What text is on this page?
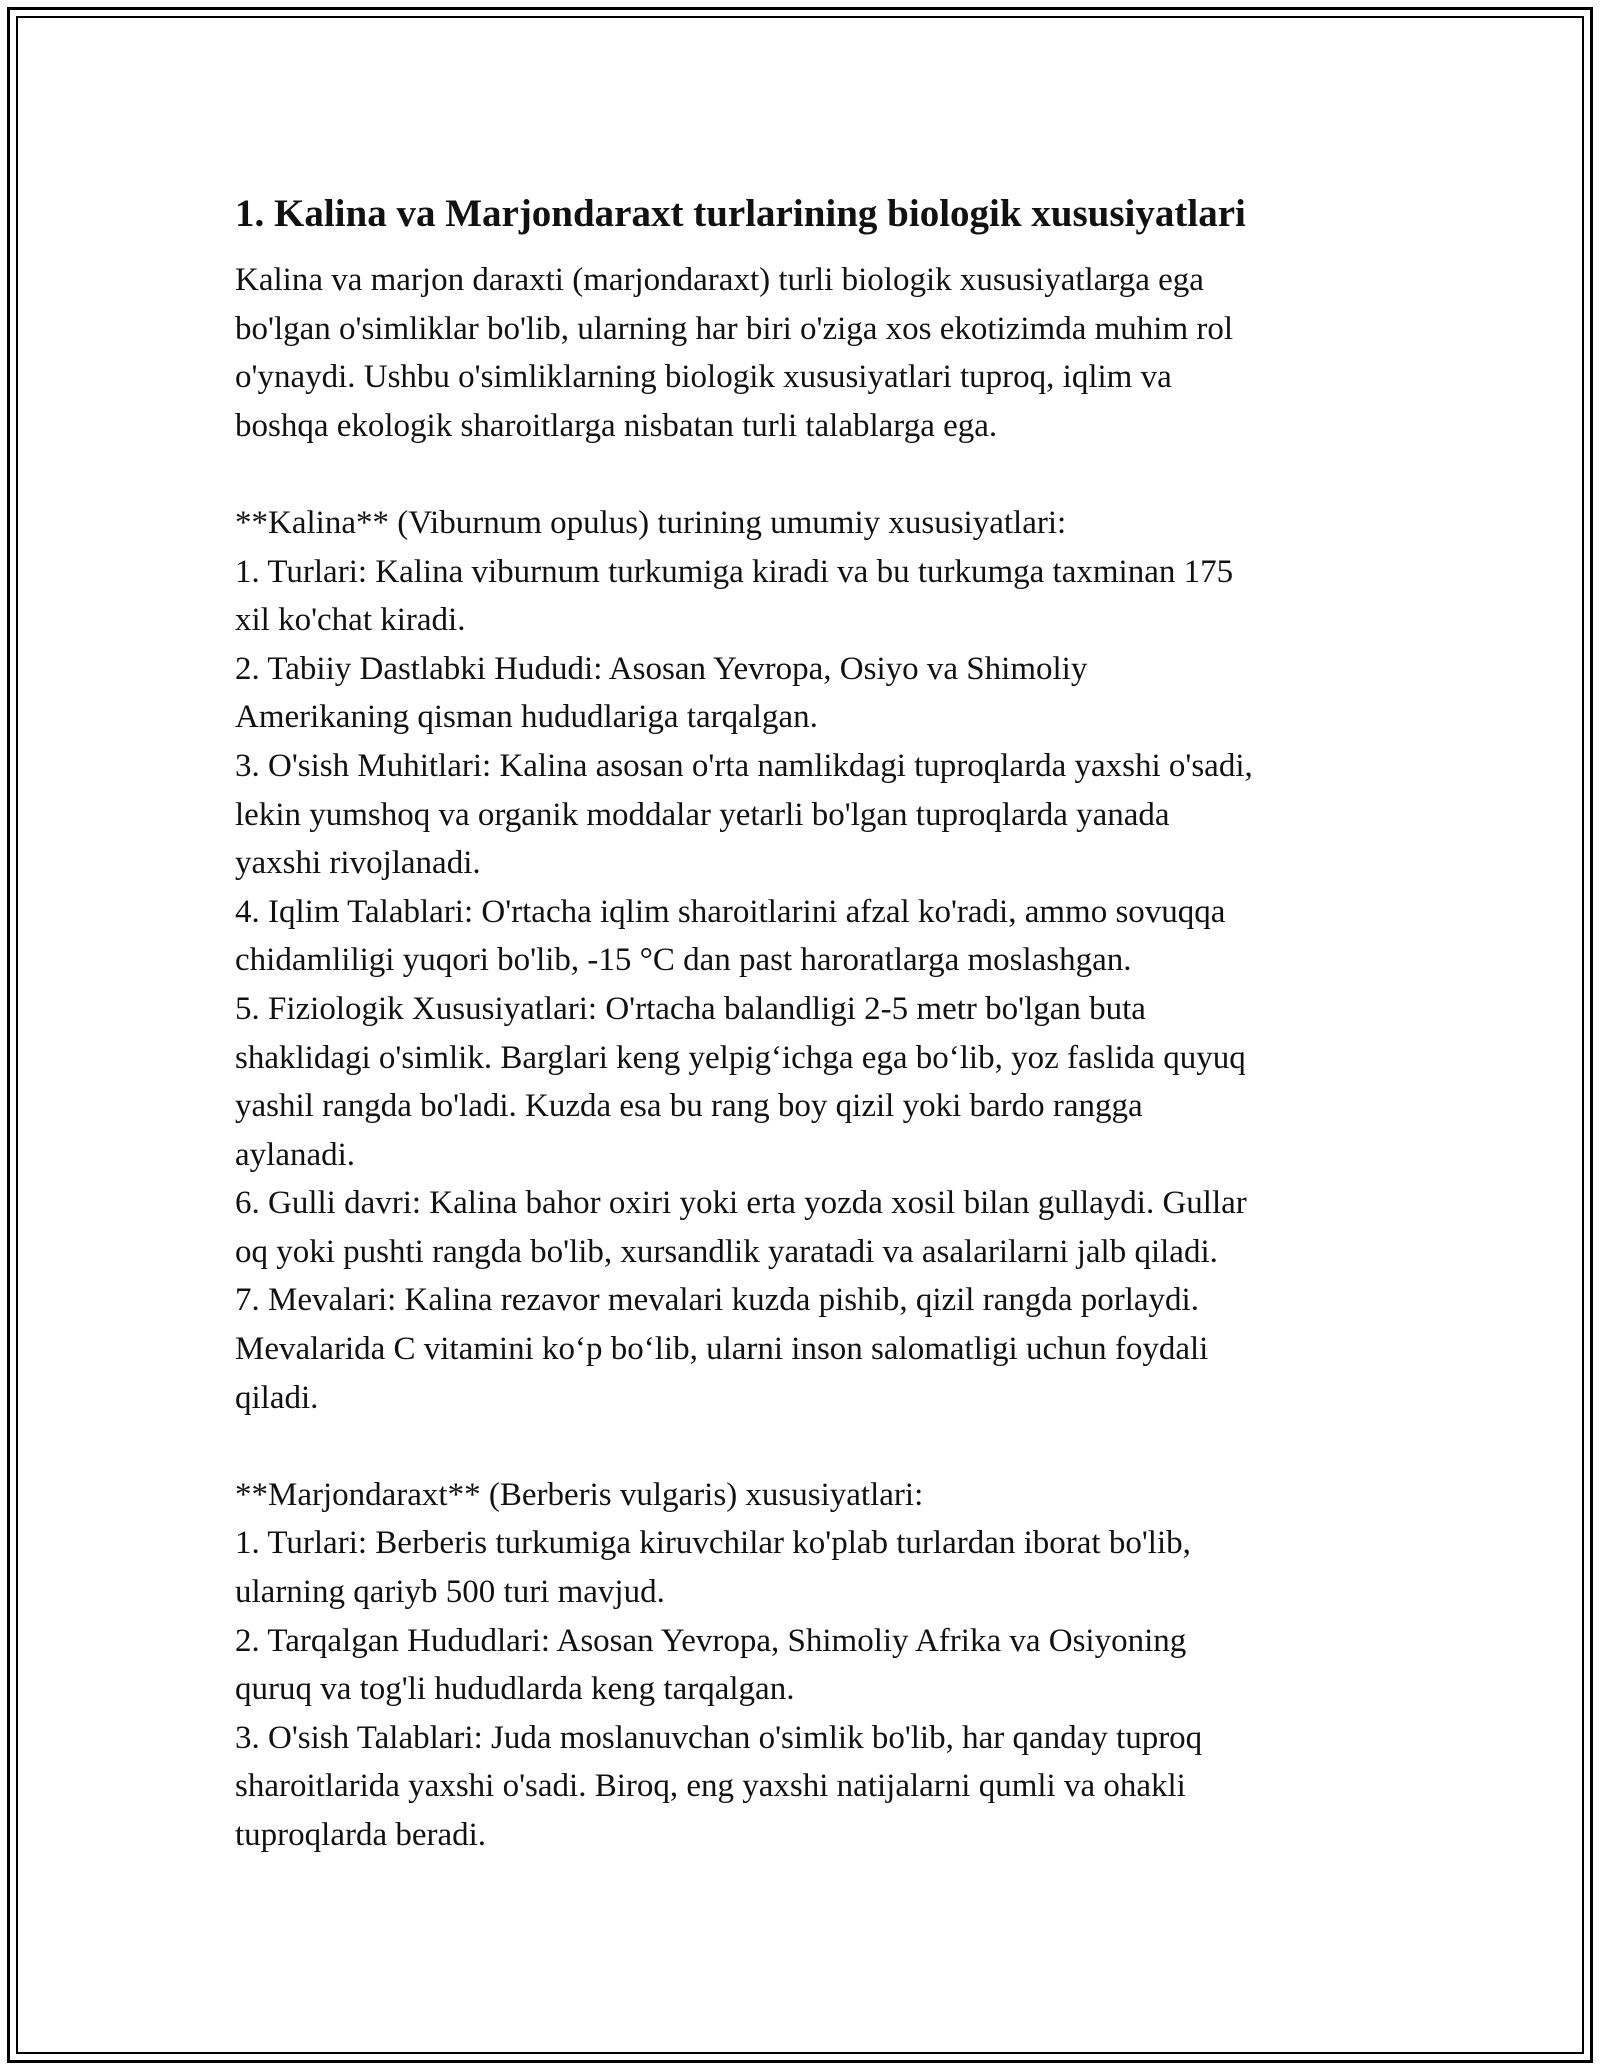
1. Kalina va Marjondaraxt turlarining biologik xususiyatlari

Kalina va marjon daraxti (marjondaraxt) turli biologik xususiyatlarga ega
bo'lgan o'simliklar bo'lib, ularning har biri o'ziga xos ekotizimda muhim rol
o'ynaydi. Ushbu o'simliklarning biologik xususiyatlari tuproq, iqlim va
boshqa ekologik sharoitlarga nisbatan turli talablarga ega.

**Kalina** (Viburnum opulus) turining umumiy xususiyatlari:
1. Turlari: Kalina viburnum turkumiga kiradi va bu turkumga taxminan 175
xil ko'chat kiradi.
2. Tabiiy Dastlabki Hududi: Asosan Yevropa, Osiyo va Shimoliy
Amerikaning qisman hududlariga tarqalgan.
3. O'sish Muhitlari: Kalina asosan o'rta namlikdagi tuproqlarda yaxshi o'sadi,
lekin yumshoq va organik moddalar yetarli bo'lgan tuproqlarda yanada
yaxshi rivojlanadi.
4. Iqlim Talablari: O'rtacha iqlim sharoitlarini afzal ko'radi, ammo sovuqqa
chidamliligi yuqori bo'lib, -15 °C dan past haroratlarga moslashgan.
5. Fiziologik Xususiyatlari: O'rtacha balandligi 2-5 metr bo'lgan buta
shaklidagi o'simlik. Barglari keng yelpig‘ichga ega bo‘lib, yoz faslida quyuq
yashil rangda bo'ladi. Kuzda esa bu rang boy qizil yoki bardo rangga
aylanadi.
6. Gulli davri: Kalina bahor oxiri yoki erta yozda xosil bilan gullaydi. Gullar
oq yoki pushti rangda bo'lib, xursandlik yaratadi va asalarilarni jalb qiladi.
7. Mevalari: Kalina rezavor mevalari kuzda pishib, qizil rangda porlaydi.
Mevalarida C vitamini ko‘p bo‘lib, ularni inson salomatligi uchun foydali
qiladi.

**Marjondaraxt** (Berberis vulgaris) xususiyatlari:
1. Turlari: Berberis turkumiga kiruvchilar ko'plab turlardan iborat bo'lib,
ularning qariyb 500 turi mavjud.
2. Tarqalgan Hududlari: Asosan Yevropa, Shimoliy Afrika va Osiyoning
quruq va tog'li hududlarda keng tarqalgan.
3. O'sish Talablari: Juda moslanuvchan o'simlik bo'lib, har qanday tuproq
sharoitlarida yaxshi o'sadi. Biroq, eng yaxshi natijalarni qumli va ohakli
tuproqlarda beradi.
